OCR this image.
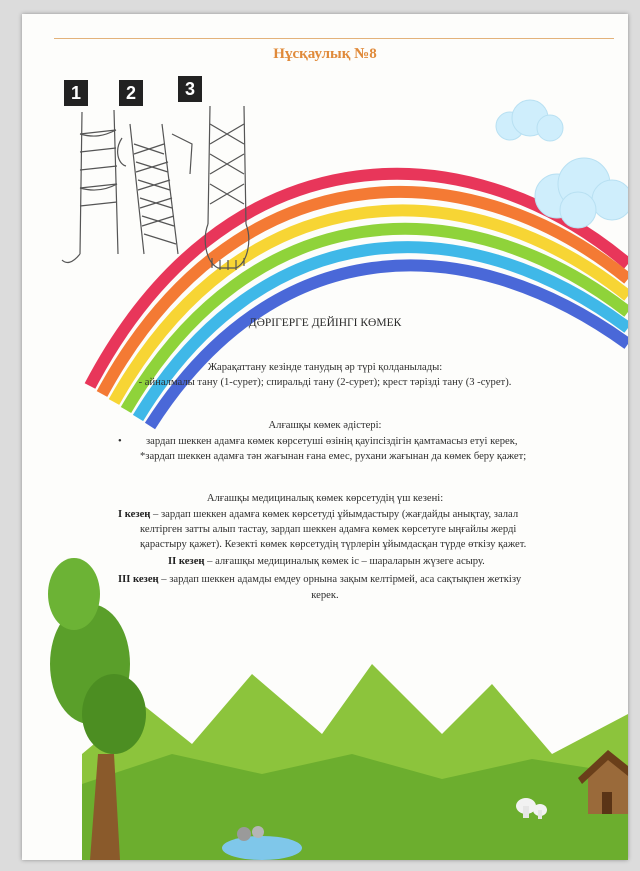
Нұсқаулық №8
1	2	3
ДӘРІГЕРГЕ ДЕЙІНГІ КӨМЕК
Жарақаттану кезінде танудың әр түрі қолданылады:
- айналмалы тану (1-сурет); спиральді тану (2-сурет); крест тәрізді тану (3 -сурет).
Алғашқы көмек әдістері:
• зардап шеккен адамға көмек көрсетуші өзінің қауіпсіздігін қамтамасыз етуі керек,
*зардап шеккен адамға тән жағынан ғана емес, рухани жағынан да көмек беру қажет;
Алғашқы медициналық көмек көрсетудің үш кезені:
I кезең – зардап шеккен адамға көмек көрсетуді ұйымдастыру (жағдайды анықтау, залал
келтірген затты алып тастау, зардап шеккен адамға көмек көрсетуге ыңғайлы жерді
қарастыру қажет). Кезекті көмек көрсетудің түрлерін ұйымдасқан түрде өткізу қажет.
II кезең – алғашқы медициналық көмек іс – шараларын жүзеге асыру.
III кезең – зардап шеккен адамды емдеу орнына зақым келтірмей, аса сақтықпен жеткізу
керек.
